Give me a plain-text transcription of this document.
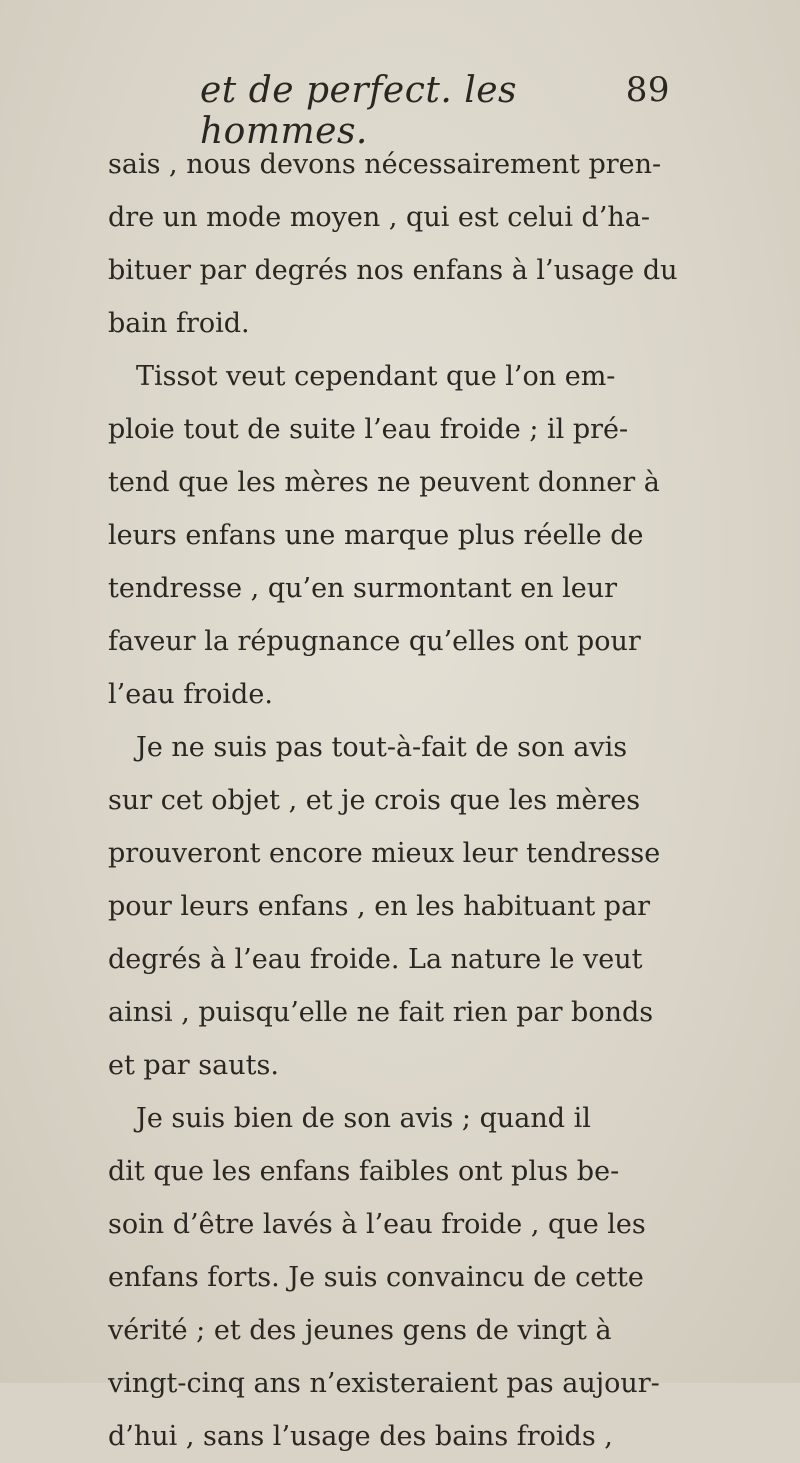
et de perfect. les hommes.
89
sais , nous devons nécessairement pren-
dre un mode moyen , qui est celui d’ha-
bituer par degrés nos enfans à l’usage du
bain froid.
Tissot veut cependant que l’on em-
ploie tout de suite l’eau froide ; il pré-
tend que les mères ne peuvent donner à
leurs enfans une marque plus réelle de
tendresse , qu’en surmontant en leur
faveur la répugnance qu’elles ont pour
l’eau froide.
Je ne suis pas tout-à-fait de son avis
sur cet objet , et je crois que les mères
prouveront encore mieux leur tendresse
pour leurs enfans , en les habituant par
degrés à l’eau froide. La nature le veut
ainsi , puisqu’elle ne fait rien par bonds
et par sauts.
Je suis bien de son avis ; quand il
dit que les enfans faibles ont plus be-
soin d’être lavés à l’eau froide , que les
enfans forts. Je suis convaincu de cette
vérité ; et des jeunes gens de vingt à
vingt-cinq ans n’existeraient pas aujour-
d’hui , sans l’usage des bains froids ,
